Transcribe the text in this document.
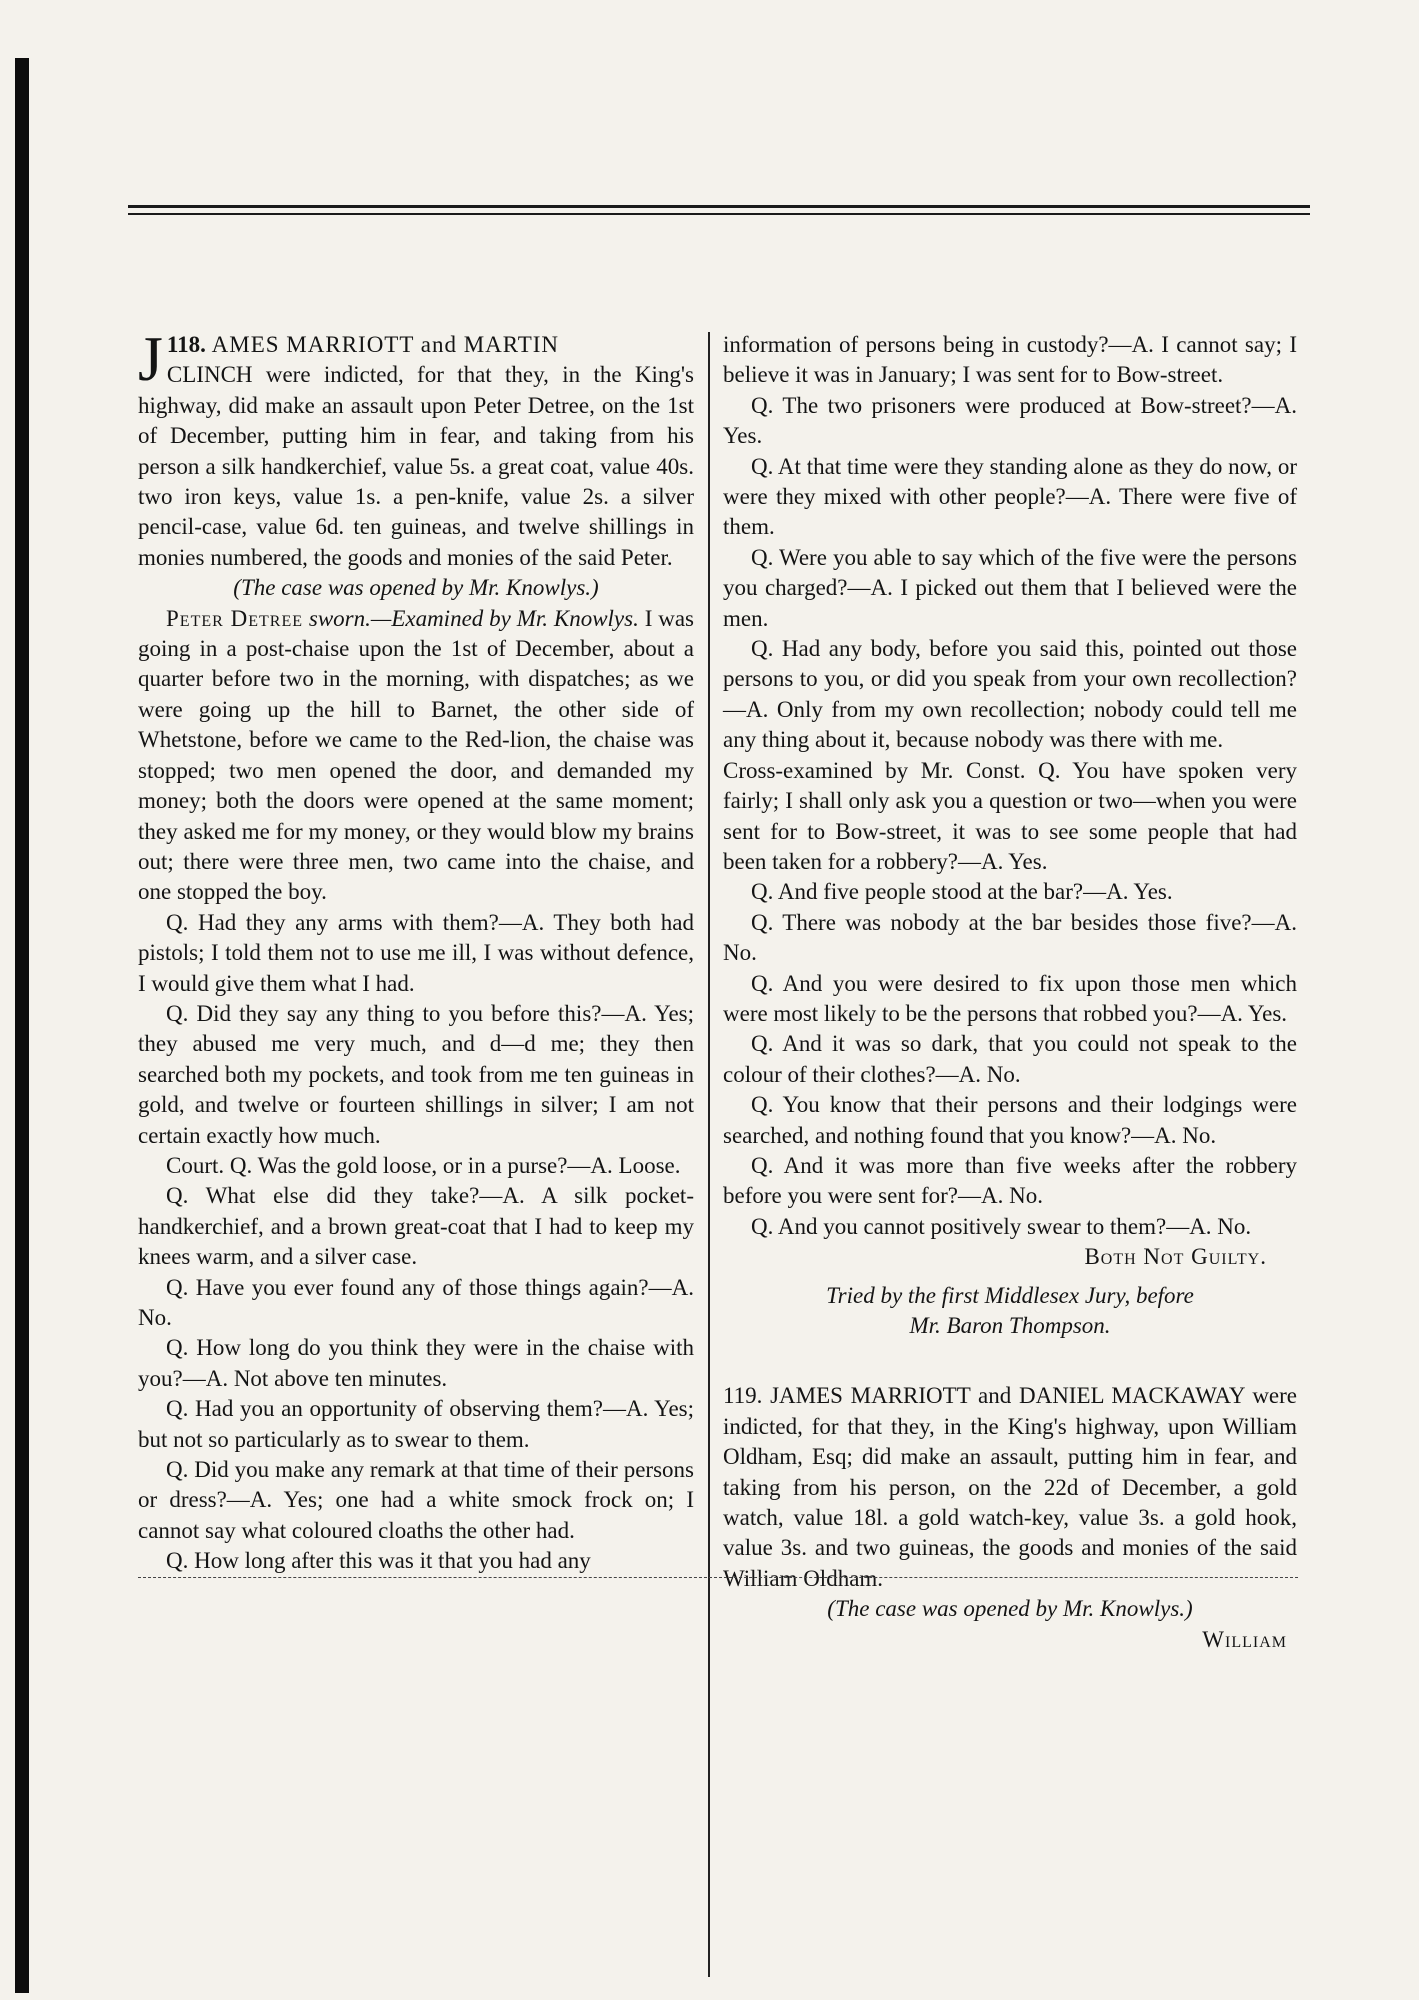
118.
J AMES MARRIOTT and MARTIN
CLINCH were indicted, for that they, in the King's highway, did make an assault upon Peter Detree, on the 1st of December, putting him in fear, and taking from his person a silk handkerchief, value 5s. a great coat, value 40s. two iron keys, value 1s. a pen-knife, value 2s. a silver pencil-case, value 6d. ten guineas, and twelve shillings in monies numbered, the goods and monies of the said Peter.

(The case was opened by Mr. Knowlys.)

Peter Detree sworn.—Examined by Mr. Knowlys. I was going in a post-chaise upon the 1st of December, about a quarter before two in the morning, with dispatches; as we were going up the hill to Barnet, the other side of Whetstone, before we came to the Red-lion, the chaise was stopped; two men opened the door, and demanded my money; both the doors were opened at the same moment; they asked me for my money, or they would blow my brains out; there were three men, two came into the chaise, and one stopped the boy.

Q. Had they any arms with them?—A. They both had pistols; I told them not to use me ill, I was without defence, I would give them what I had.

Q. Did they say any thing to you before this?—A. Yes; they abused me very much, and d—d me; they then searched both my pockets, and took from me ten guineas in gold, and twelve or fourteen shillings in silver; I am not certain exactly how much.

Court. Q. Was the gold loose, or in a purse?—A. Loose.

Q. What else did they take?—A. A silk pocket-handkerchief, and a brown great-coat that I had to keep my knees warm, and a silver case.

Q. Have you ever found any of those things again?—A. No.

Q. How long do you think they were in the chaise with you?—A. Not above ten minutes.

Q. Had you an opportunity of observing them?—A. Yes; but not so particularly as to swear to them.

Q. Did you make any remark at that time of their persons or dress?—A. Yes; one had a white smock frock on; I cannot say what coloured cloaths the other had.

Q. How long after this was it that you had any

information of persons being in custody?—A. I cannot say; I believe it was in January; I was sent for to Bow-street.

Q. The two prisoners were produced at Bow-street?—A. Yes.

Q. At that time were they standing alone as they do now, or were they mixed with other people?—A. There were five of them.

Q. Were you able to say which of the five were the persons you charged?—A. I picked out them that I believed were the men.

Q. Had any body, before you said this, pointed out those persons to you, or did you speak from your own recollection?—A. Only from my own recollection; nobody could tell me any thing about it, because nobody was there with me.

Cross-examined by Mr. Const. Q. You have spoken very fairly; I shall only ask you a question or two—when you were sent for to Bow-street, it was to see some people that had been taken for a robbery?—A. Yes.

Q. And five people stood at the bar?—A. Yes.

Q. There was nobody at the bar besides those five?—A. No.

Q. And you were desired to fix upon those men which were most likely to be the persons that robbed you?—A. Yes.

Q. And it was so dark, that you could not speak to the colour of their clothes?—A. No.

Q. You know that their persons and their lodgings were searched, and nothing found that you know?—A. No.

Q. And it was more than five weeks after the robbery before you were sent for?—A. No.

Q. And you cannot positively swear to them?—A. No.

Both Not Guilty.

Tried by the first Middlesex Jury, before

Mr. Baron Thompson.

119. JAMES MARRIOTT and DANIEL MACKAWAY were indicted, for that they, in the King's highway, upon William Oldham, Esq; did make an assault, putting him in fear, and taking from his person, on the 22d of December, a gold watch, value 18l. a gold watch-key, value 3s. a gold hook, value 3s. and two guineas, the goods and monies of the said William Oldham.

(The case was opened by Mr. Knowlys.)

William
